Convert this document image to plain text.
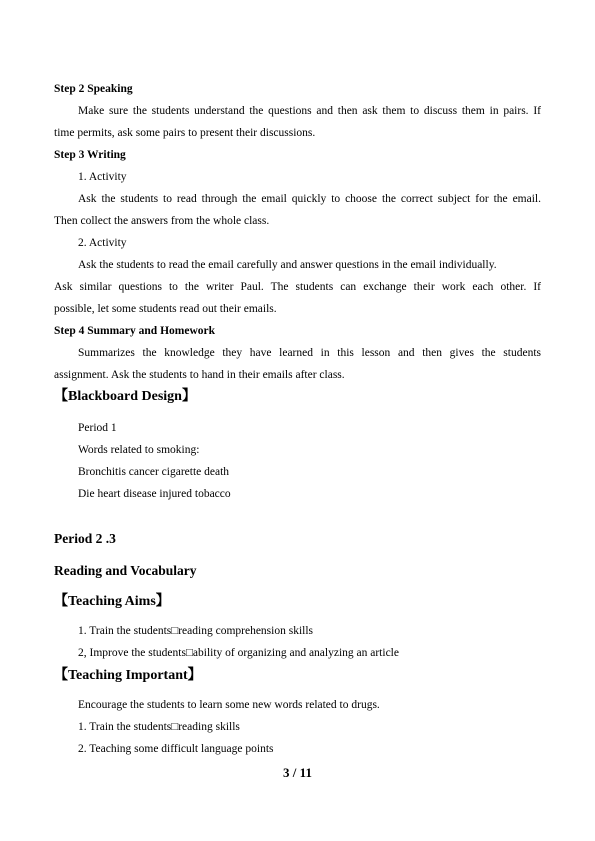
Step 2 Speaking
Make sure the students understand the questions and then ask them to discuss them in pairs. If
time permits, ask some pairs to present their discussions.
Step 3 Writing
1. Activity
Ask the students to read through the email quickly to choose the correct subject for the email.
Then collect the answers from the whole class.
2. Activity
Ask the students to read the email carefully and answer questions in the email individually.
Ask similar questions to the writer Paul. The students can exchange their work each other. If
possible, let some students read out their emails.
Step 4 Summary and Homework
Summarizes the knowledge they have learned in this lesson and then gives the students
assignment. Ask the students to hand in their emails after class.
【Blackboard Design】
Period 1
Words related to smoking:
Bronchitis cancer cigarette death
Die heart disease injured tobacco
Period 2 .3
Reading and Vocabulary
【Teaching Aims】
1. Train the students□reading comprehension skills
2, Improve the students□ability of organizing and analyzing an article
【Teaching Important】
Encourage the students to learn some new words related to drugs.
1. Train the students□reading skills
2. Teaching some difficult language points
3 / 11
